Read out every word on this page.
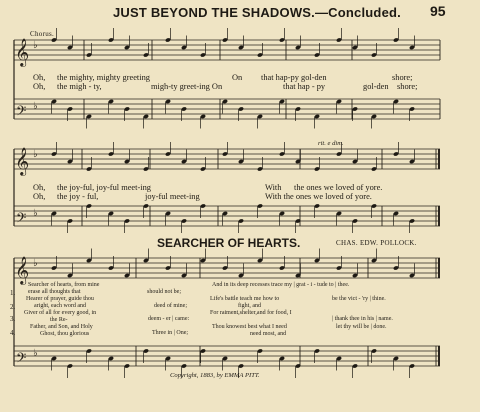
JUST BEYOND THE SHADOWS.—Concluded. 95
𝄞
𝄢
𝄞
𝄢
𝄞
𝄢
♭
♭
♭
♭
♭
♭
Chorus.
Oh, the mighty, mighty greeting	On that hap-py gol-den	shore;
Oh, the migh - ty,	migh-ty greet-ing On	that hap - py	gol-den shore;
rit. e dim.
Oh, the joy-ful, joy-ful meet-ing	With the ones we loved of yore.
Oh, the joy - ful,	joy-ful meet-ing	With the ones we loved of yore.
SEARCHER OF HEARTS.	CHAS. EDW. POLLOCK.
1.
2.
3.
4.
Searcher of hearts, from mine
erase all thoughts that
Hearer of prayer, guide thou
aright, each word and
Giver of all for every good, in
the Re-
Father, and Son, and Holy
Ghost, thou glorious
should not be;
deed of mine;
deem - er | came:
Three in | One;
And in its deep recesses trace my | grat - i - tude to | thee.
Life's battle teach me how to
fight, and
be the vict - 'ry | thine.
For raiment,shelter,and for food, I
| thank thee in his | name.
Thou knowest best what I need
need most, and
let thy will be | done.
Copyright, 1883, by EMMA PITT.
